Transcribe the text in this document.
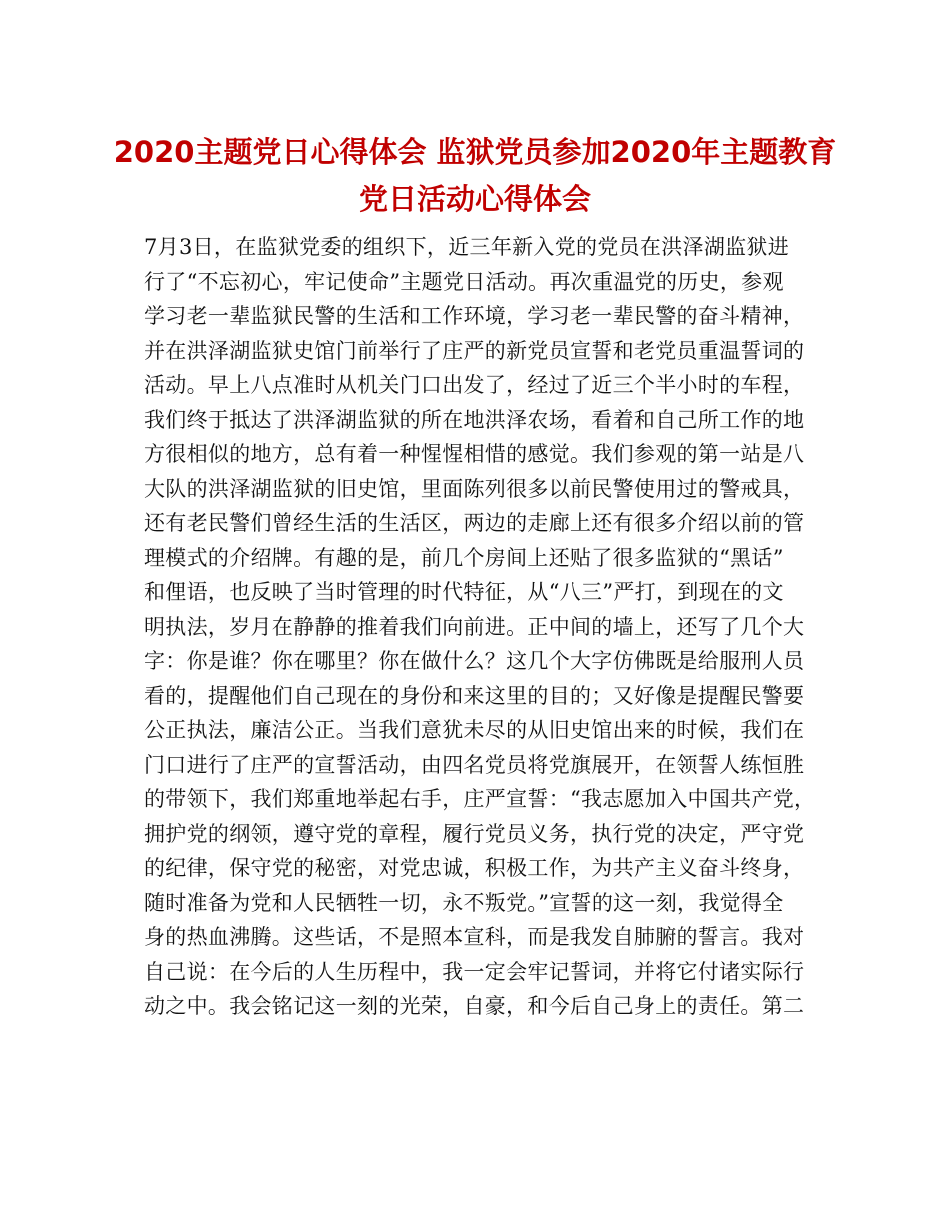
2020主题党日心得体会 监狱党员参加2020年主题教育
党日活动心得体会
7月3日，在监狱党委的组织下，近三年新入党的党员在洪泽湖监狱进
行了“不忘初心，牢记使命”主题党日活动。再次重温党的历史，参观
学习老一辈监狱民警的生活和工作环境，学习老一辈民警的奋斗精神，
并在洪泽湖监狱史馆门前举行了庄严的新党员宣誓和老党员重温誓词的
活动。早上八点准时从机关门口出发了，经过了近三个半小时的车程，
我们终于抵达了洪泽湖监狱的所在地洪泽农场，看着和自己所工作的地
方很相似的地方，总有着一种惺惺相惜的感觉。我们参观的第一站是八
大队的洪泽湖监狱的旧史馆，里面陈列很多以前民警使用过的警戒具，
还有老民警们曾经生活的生活区，两边的走廊上还有很多介绍以前的管
理模式的介绍牌。有趣的是，前几个房间上还贴了很多监狱的“黑话”
和俚语，也反映了当时管理的时代特征，从“八三”严打，到现在的文
明执法，岁月在静静的推着我们向前进。正中间的墙上，还写了几个大
字：你是谁？你在哪里？你在做什么？这几个大字仿佛既是给服刑人员
看的，提醒他们自己现在的身份和来这里的目的；又好像是提醒民警要
公正执法，廉洁公正。当我们意犹未尽的从旧史馆出来的时候，我们在
门口进行了庄严的宣誓活动，由四名党员将党旗展开，在领誓人练恒胜
的带领下，我们郑重地举起右手，庄严宣誓：“我志愿加入中国共产党，
拥护党的纲领，遵守党的章程，履行党员义务，执行党的决定，严守党
的纪律，保守党的秘密，对党忠诚，积极工作，为共产主义奋斗终身，
随时准备为党和人民牺牲一切，永不叛党。”宣誓的这一刻，我觉得全
身的热血沸腾。这些话，不是照本宣科，而是我发自肺腑的誓言。我对
自己说：在今后的人生历程中，我一定会牢记誓词，并将它付诸实际行
动之中。我会铭记这一刻的光荣，自豪，和今后自己身上的责任。第二
